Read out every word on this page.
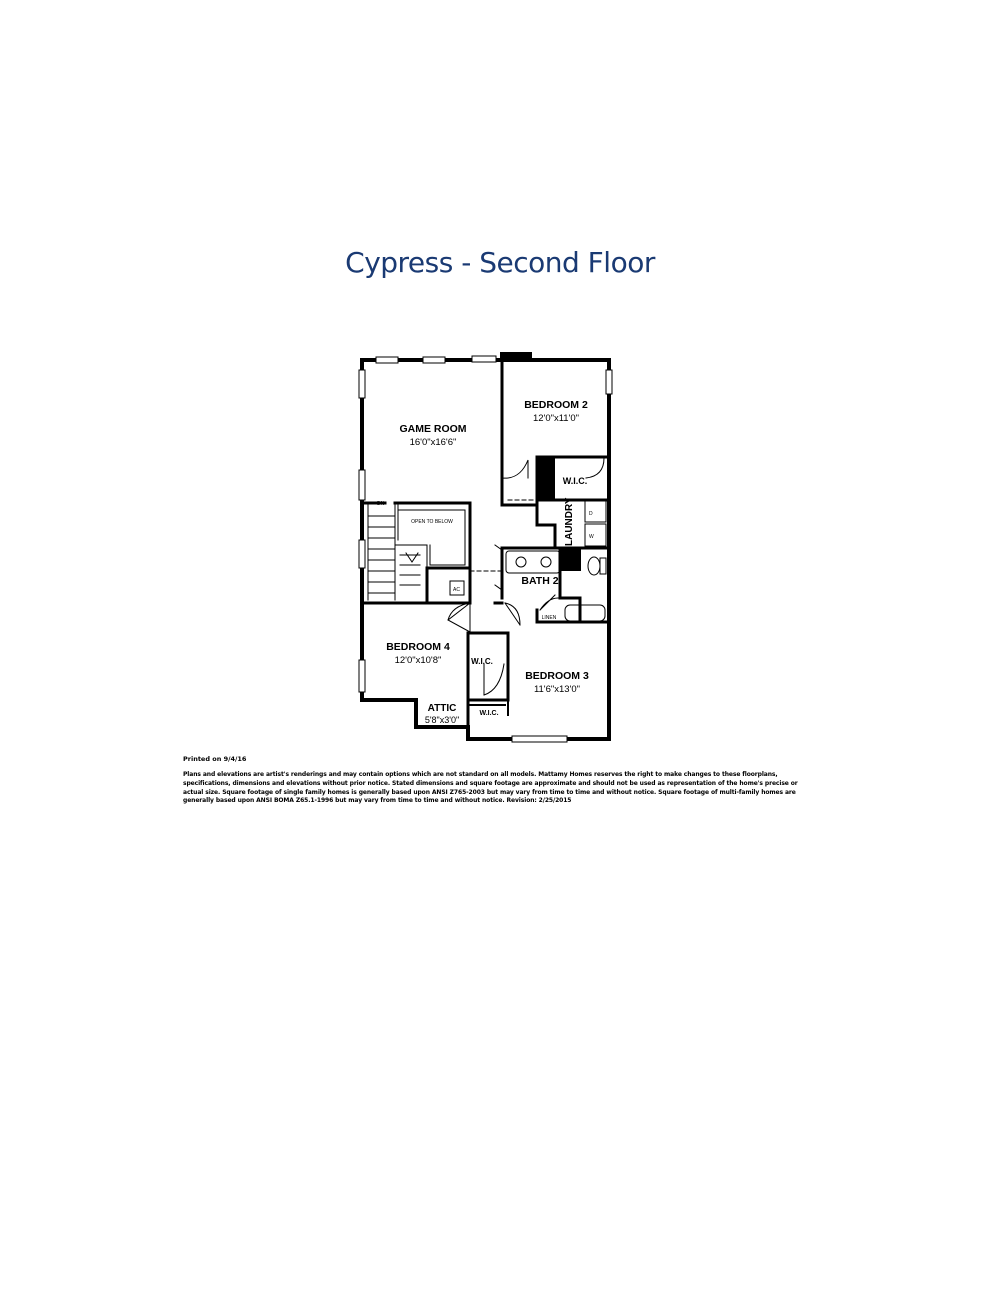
Cypress - Second Floor
GAME ROOM
16'0"x16'6"
BEDROOM 2
12'0"x11'0"
W.I.C.
LAUNDRY	D
W
OPEN TO BELOW
DN
AC
BATH 2
LINEN
BEDROOM 4
12'0"x10'8"	W.I.C.
BEDROOM 3
11'6"x13'0"
ATTIC
5'8"x3'0"
W.I.C.
Printed on 9/4/16
Plans and elevations are artist's renderings and may contain options which are not standard on all models. Mattamy Homes reserves the right to make changes to these floorplans, specifications, dimensions and elevations without prior notice. Stated dimensions and square footage are approximate and should not be used as representation of the home's precise or actual size. Square footage of single family homes is generally based upon ANSI Z765-2003 but may vary from time to time and without notice. Square footage of multi-family homes are generally based upon ANSI BOMA Z65.1-1996 but may vary from time to time and without notice. Revision: 2/25/2015
